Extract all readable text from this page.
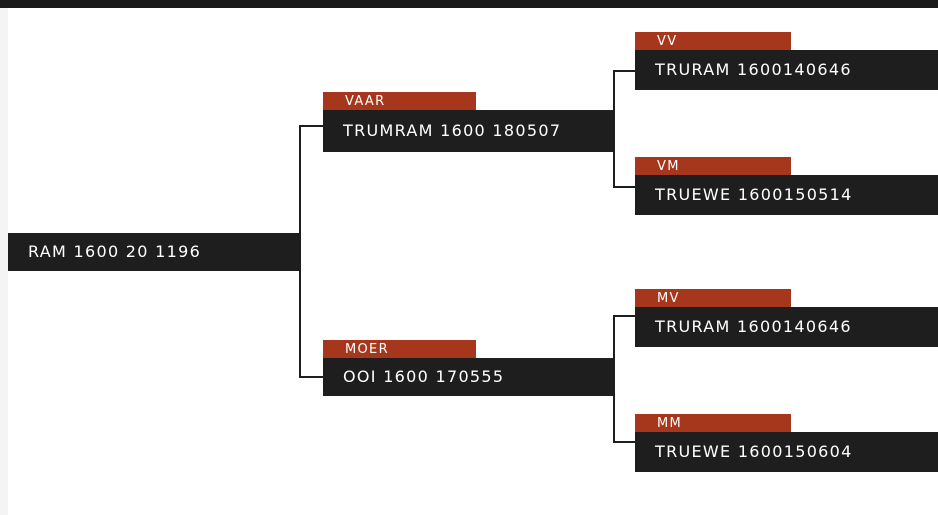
RAM 1600 20 1196
VAAR
TRUMRAM 1600 180507
MOER
OOI 1600 170555
VV
TRURAM 1600140646
VM
TRUEWE 1600150514
MV
TRURAM 1600140646
MM
TRUEWE 1600150604
